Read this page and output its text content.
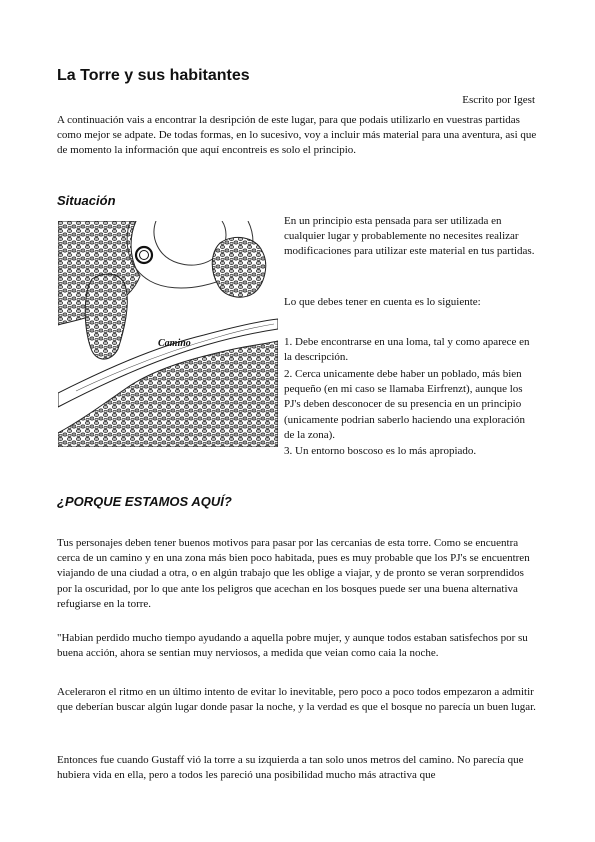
La Torre y sus habitantes
Escrito por Igest

A continuación vais a encontrar la desripción de este lugar, para que podais utilizarlo en vuestras partidas como mejor se adpate. De todas formas, en lo sucesivo, voy a incluir más material para una aventura, asi que de momento la información que aquí encontreis es solo el principio.

Situación
Camino

En un principio esta pensada para ser utilizada en cualquier lugar y probablemente no necesites realizar modificaciones para utilizar este material en tus partidas.

Lo que debes tener en cuenta es lo siguiente:

1. Debe encontrarse en una loma, tal y como aparece en la descripción.

2. Cerca unicamente debe haber un poblado, más bien pequeño (en mi caso se llamaba Eirfrenzt), aunque los PJ's deben desconocer de su presencia en un principio (unicamente podrian saberlo haciendo una exploración de la zona).

3. Un entorno boscoso es lo más apropiado.

¿PORQUE ESTAMOS AQUÍ?

Tus personajes deben tener buenos motivos para pasar por las cercanias de esta torre. Como se encuentra cerca de un camino y en una zona más bien poco habitada, pues es muy probable que los PJ's se encuentren viajando de una ciudad a otra, o en algún trabajo que les oblige a viajar, y de pronto se veran sorprendidos por la oscuridad, por lo que ante los peligros que acechan en los bosques puede ser una buena alternativa refugiarse en la torre.

"Habian perdido mucho tiempo ayudando a aquella pobre mujer, y aunque todos estaban satisfechos por su buena acción, ahora se sentian muy nerviosos, a medida que veian como caia la noche.

Aceleraron el ritmo en un último intento de evitar lo inevitable, pero poco a poco todos empezaron a admitir que deberían buscar algún lugar donde pasar la noche, y la verdad es que el bosque no parecía un buen lugar.

Entonces fue cuando Gustaff vió la torre a su izquierda a tan solo unos metros del camino. No parecía que hubiera vida en ella, pero a todos les pareció una posibilidad mucho más atractiva que
